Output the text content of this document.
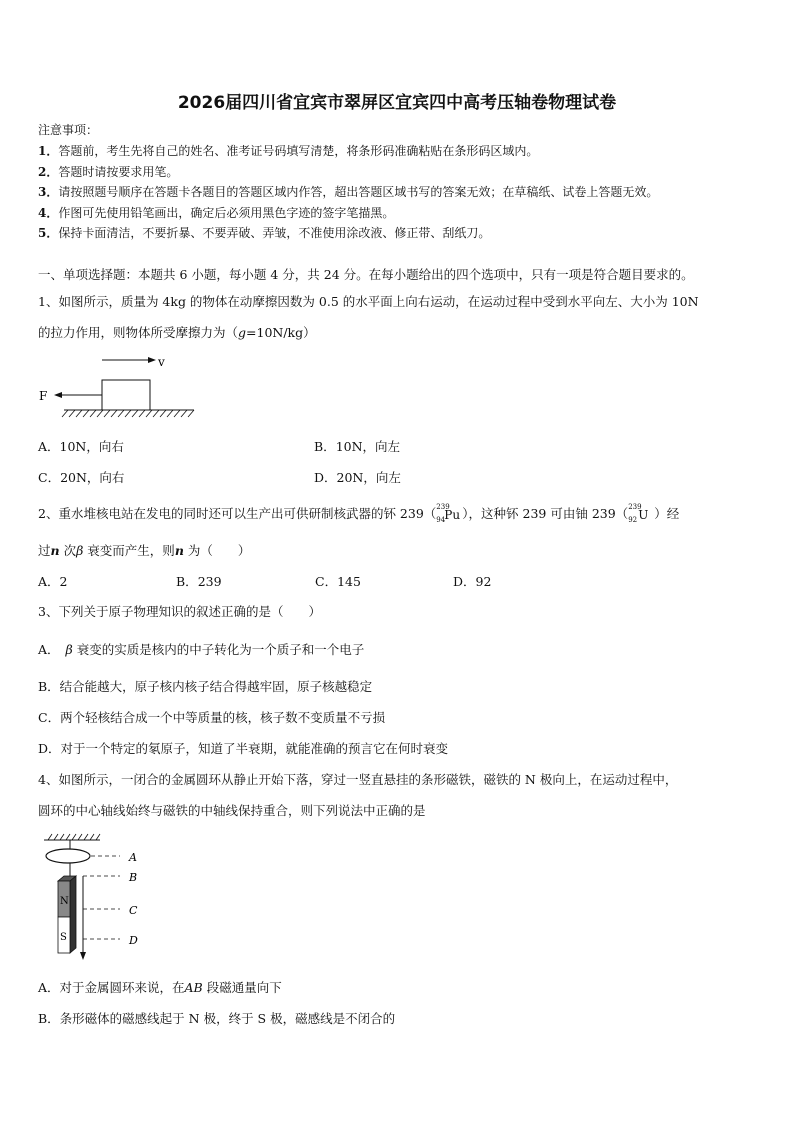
2026届四川省宜宾市翠屏区宜宾四中高考压轴卷物理试卷
注意事项：
1．答题前，考生先将自己的姓名、准考证号码填写清楚，将条形码准确粘贴在条形码区域内。
2．答题时请按要求用笔。
3．请按照题号顺序在答题卡各题目的答题区域内作答，超出答题区域书写的答案无效；在草稿纸、试卷上答题无效。
4．作图可先使用铅笔画出，确定后必须用黑色字迹的签字笔描黑。
5．保持卡面清洁，不要折暴、不要弄破、弄皱，不准使用涂改液、修正带、刮纸刀。
一、单项选择题：本题共 6 小题，每小题 4 分，共 24 分。在每小题给出的四个选项中，只有一项是符合题目要求的。
1、如图所示，质量为 4kg 的物体在动摩擦因数为 0.5 的水平面上向右运动，在运动过程中受到水平向左、大小为 10N
的拉力作用，则物体所受摩擦力为（g=10N/kg）
v
F
A．10N，向右	B．10N，向左
C．20N，向右	D．20N，向左
2、重水堆核电站在发电的同时还可以生产出可供研制核武器的钚 239（ 239
94 Pu ），这种钚 239 可由铀 239（ 239
92 U ）经
过n 次β 衰变而产生，则n 为（　　）
A．2	B．239	C．145	D．92
3、下列关于原子物理知识的叙述正确的是（　　）
A． β 衰变的实质是核内的中子转化为一个质子和一个电子
B．结合能越大，原子核内核子结合得越牢固，原子核越稳定
C．两个轻核结合成一个中等质量的核，核子数不变质量不亏损
D．对于一个特定的氡原子，知道了半衰期，就能准确的预言它在何时衰变
4、如图所示，一闭合的金属圆环从静止开始下落，穿过一竖直悬挂的条形磁铁，磁铁的 N 极向上，在运动过程中，
圆环的中心轴线始终与磁铁的中轴线保持重合，则下列说法中正确的是
A
B
C
D
N
S
A．对于金属圆环来说，在AB 段磁通量向下
B．条形磁体的磁感线起于 N 极，终于 S 极，磁感线是不闭合的
